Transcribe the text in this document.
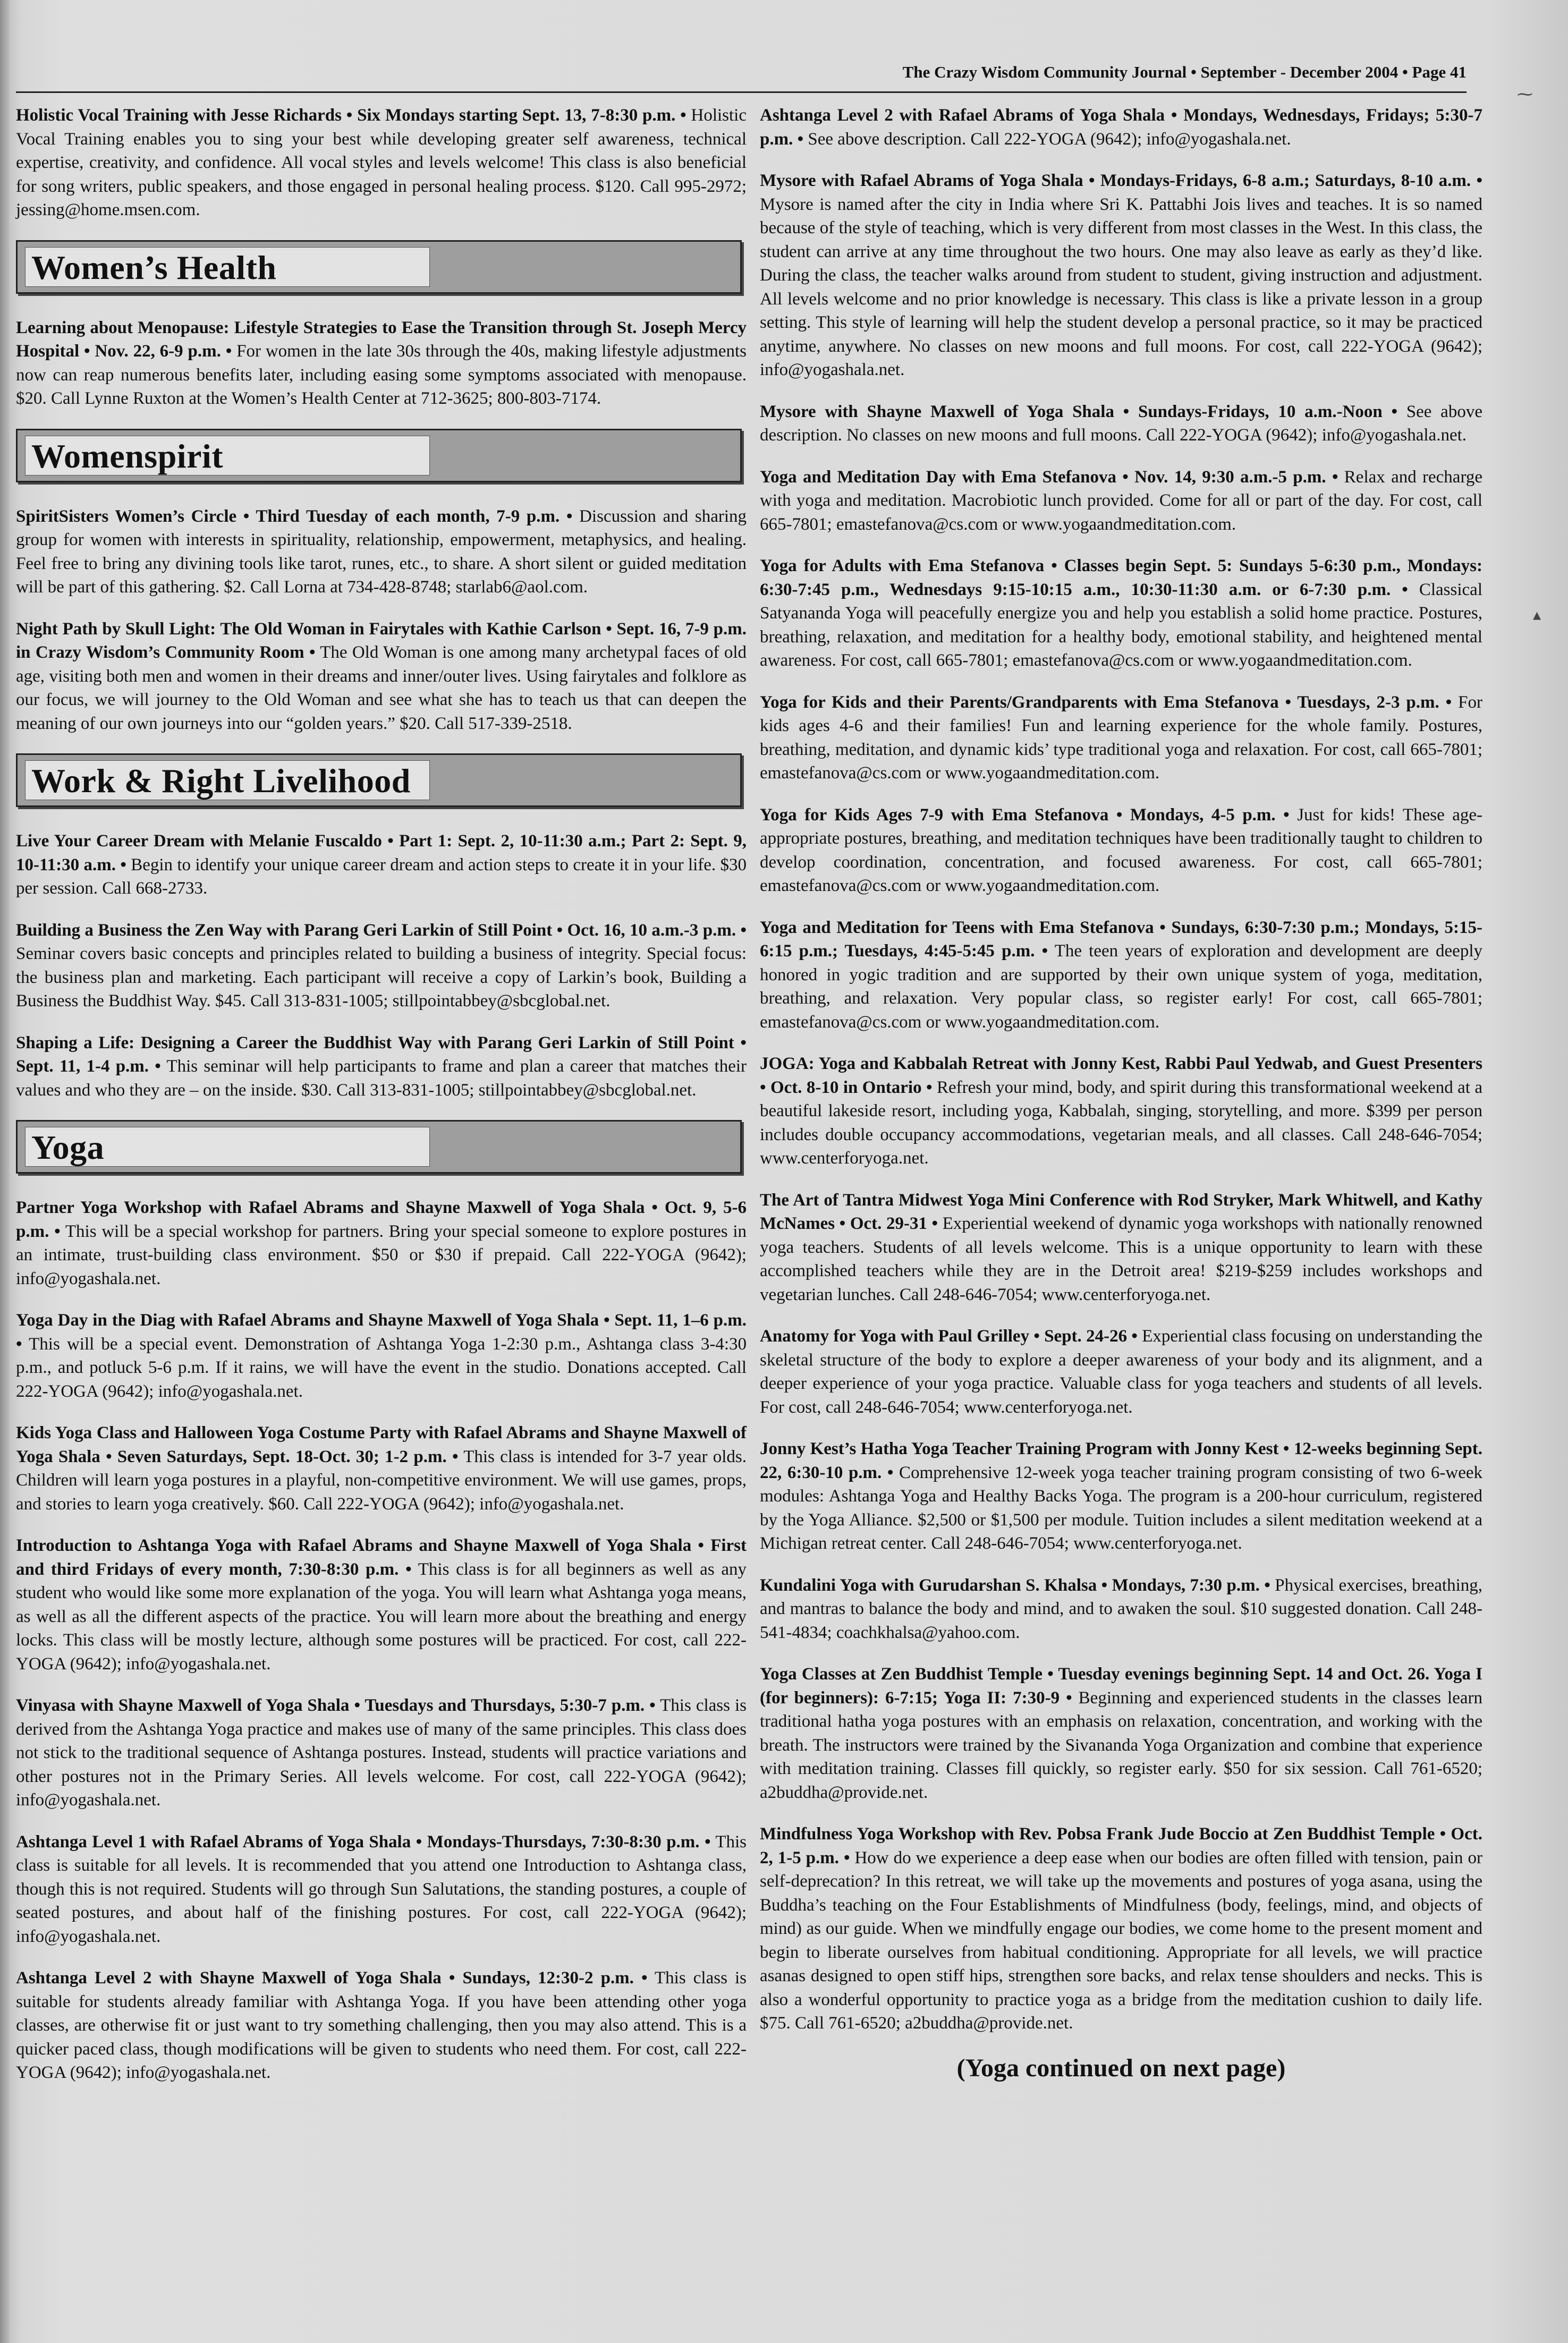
⁓
▴
The Crazy Wisdom Community Journal • September - December 2004 • Page 41

Holistic Vocal Training with Jesse Richards • Six Mondays starting Sept. 13, 7-8:30 p.m. • Holistic Vocal Training enables you to sing your best while developing greater self awareness, technical expertise, creativity, and confidence. All vocal styles and levels welcome! This class is also beneficial for song writers, public speakers, and those engaged in personal healing process. $120. Call 995-2972; jessing@home.msen.com.

Women’s Health

Learning about Menopause: Lifestyle Strategies to Ease the Transition through St. Joseph Mercy Hospital • Nov. 22, 6-9 p.m. • For women in the late 30s through the 40s, making lifestyle adjustments now can reap numerous benefits later, including easing some symptoms associated with menopause. $20. Call Lynne Ruxton at the Women’s Health Center at 712-3625; 800-803-7174.

Womenspirit

SpiritSisters Women’s Circle • Third Tuesday of each month, 7-9 p.m. • Discussion and sharing group for women with interests in spirituality, relationship, empowerment, metaphysics, and healing. Feel free to bring any divining tools like tarot, runes, etc., to share. A short silent or guided meditation will be part of this gathering. $2. Call Lorna at 734-428-8748; starlab6@aol.com.

Night Path by Skull Light: The Old Woman in Fairytales with Kathie Carlson • Sept. 16, 7-9 p.m. in Crazy Wisdom’s Community Room • The Old Woman is one among many archetypal faces of old age, visiting both men and women in their dreams and inner/outer lives. Using fairytales and folklore as our focus, we will journey to the Old Woman and see what she has to teach us that can deepen the meaning of our own journeys into our “golden years.” $20. Call 517-339-2518.

Work & Right Livelihood

Live Your Career Dream with Melanie Fuscaldo • Part 1: Sept. 2, 10-11:30 a.m.; Part 2: Sept. 9, 10-11:30 a.m. • Begin to identify your unique career dream and action steps to create it in your life. $30 per session. Call 668-2733.

Building a Business the Zen Way with Parang Geri Larkin of Still Point • Oct. 16, 10 a.m.-3 p.m. • Seminar covers basic concepts and principles related to building a business of integrity. Special focus: the business plan and marketing. Each participant will receive a copy of Larkin’s book, Building a Business the Buddhist Way. $45. Call 313-831-1005; stillpointabbey@sbcglobal.net.

Shaping a Life: Designing a Career the Buddhist Way with Parang Geri Larkin of Still Point • Sept. 11, 1-4 p.m. • This seminar will help participants to frame and plan a career that matches their values and who they are – on the inside. $30. Call 313-831-1005; stillpointabbey@sbcglobal.net.

Yoga

Partner Yoga Workshop with Rafael Abrams and Shayne Maxwell of Yoga Shala • Oct. 9, 5-6 p.m. • This will be a special workshop for partners. Bring your special someone to explore postures in an intimate, trust-building class environment. $50 or $30 if prepaid. Call 222-YOGA (9642); info@yogashala.net.

Yoga Day in the Diag with Rafael Abrams and Shayne Maxwell of Yoga Shala • Sept. 11, 1–6 p.m. • This will be a special event. Demonstration of Ashtanga Yoga 1-2:30 p.m., Ashtanga class 3-4:30 p.m., and potluck 5-6 p.m. If it rains, we will have the event in the studio. Donations accepted. Call 222-YOGA (9642); info@yogashala.net.

Kids Yoga Class and Halloween Yoga Costume Party with Rafael Abrams and Shayne Maxwell of Yoga Shala • Seven Saturdays, Sept. 18-Oct. 30; 1-2 p.m. • This class is intended for 3-7 year olds. Children will learn yoga postures in a playful, non-competitive environment. We will use games, props, and stories to learn yoga creatively. $60. Call 222-YOGA (9642); info@yogashala.net.

Introduction to Ashtanga Yoga with Rafael Abrams and Shayne Maxwell of Yoga Shala • First and third Fridays of every month, 7:30-8:30 p.m. • This class is for all beginners as well as any student who would like some more explanation of the yoga. You will learn what Ashtanga yoga means, as well as all the different aspects of the practice. You will learn more about the breathing and energy locks. This class will be mostly lecture, although some postures will be practiced. For cost, call 222-YOGA (9642); info@yogashala.net.

Vinyasa with Shayne Maxwell of Yoga Shala • Tuesdays and Thursdays, 5:30-7 p.m. • This class is derived from the Ashtanga Yoga practice and makes use of many of the same principles. This class does not stick to the traditional sequence of Ashtanga postures. Instead, students will practice variations and other postures not in the Primary Series. All levels welcome. For cost, call 222-YOGA (9642); info@yogashala.net.

Ashtanga Level 1 with Rafael Abrams of Yoga Shala • Mondays-Thursdays, 7:30-8:30 p.m. • This class is suitable for all levels. It is recommended that you attend one Introduction to Ashtanga class, though this is not required. Students will go through Sun Salutations, the standing postures, a couple of seated postures, and about half of the finishing postures. For cost, call 222-YOGA (9642); info@yogashala.net.

Ashtanga Level 2 with Shayne Maxwell of Yoga Shala • Sundays, 12:30-2 p.m. • This class is suitable for students already familiar with Ashtanga Yoga. If you have been attending other yoga classes, are otherwise fit or just want to try something challenging, then you may also attend. This is a quicker paced class, though modifications will be given to students who need them. For cost, call 222-YOGA (9642); info@yogashala.net.

Ashtanga Level 2 with Rafael Abrams of Yoga Shala • Mondays, Wednesdays, Fridays; 5:30-7 p.m. • See above description. Call 222-YOGA (9642); info@yogashala.net.

Mysore with Rafael Abrams of Yoga Shala • Mondays-Fridays, 6-8 a.m.; Saturdays, 8-10 a.m. • Mysore is named after the city in India where Sri K. Pattabhi Jois lives and teaches. It is so named because of the style of teaching, which is very different from most classes in the West. In this class, the student can arrive at any time throughout the two hours. One may also leave as early as they’d like. During the class, the teacher walks around from student to student, giving instruction and adjustment. All levels welcome and no prior knowledge is necessary. This class is like a private lesson in a group setting. This style of learning will help the student develop a personal practice, so it may be practiced anytime, anywhere. No classes on new moons and full moons. For cost, call 222-YOGA (9642); info@yogashala.net.

Mysore with Shayne Maxwell of Yoga Shala • Sundays-Fridays, 10 a.m.-Noon • See above description. No classes on new moons and full moons. Call 222-YOGA (9642); info@yogashala.net.

Yoga and Meditation Day with Ema Stefanova • Nov. 14, 9:30 a.m.-5 p.m. • Relax and recharge with yoga and meditation. Macrobiotic lunch provided. Come for all or part of the day. For cost, call 665-7801; emastefanova@cs.com or www.yogaandmeditation.com.

Yoga for Adults with Ema Stefanova • Classes begin Sept. 5: Sundays 5-6:30 p.m., Mondays: 6:30-7:45 p.m., Wednesdays 9:15-10:15 a.m., 10:30-11:30 a.m. or 6-7:30 p.m. • Classical Satyananda Yoga will peacefully energize you and help you establish a solid home practice. Postures, breathing, relaxation, and meditation for a healthy body, emotional stability, and heightened mental awareness. For cost, call 665-7801; emastefanova@cs.com or www.yogaandmeditation.com.

Yoga for Kids and their Parents/Grandparents with Ema Stefanova • Tuesdays, 2-3 p.m. • For kids ages 4-6 and their families! Fun and learning experience for the whole family. Postures, breathing, meditation, and dynamic kids’ type traditional yoga and relaxation. For cost, call 665-7801; emastefanova@cs.com or www.yogaandmeditation.com.

Yoga for Kids Ages 7-9 with Ema Stefanova • Mondays, 4-5 p.m. • Just for kids! These age-appropriate postures, breathing, and meditation techniques have been traditionally taught to children to develop coordination, concentration, and focused awareness. For cost, call 665-7801; emastefanova@cs.com or www.yogaandmeditation.com.

Yoga and Meditation for Teens with Ema Stefanova • Sundays, 6:30-7:30 p.m.; Mondays, 5:15-6:15 p.m.; Tuesdays, 4:45-5:45 p.m. • The teen years of exploration and development are deeply honored in yogic tradition and are supported by their own unique system of yoga, meditation, breathing, and relaxation. Very popular class, so register early! For cost, call 665-7801; emastefanova@cs.com or www.yogaandmeditation.com.

JOGA: Yoga and Kabbalah Retreat with Jonny Kest, Rabbi Paul Yedwab, and Guest Presenters • Oct. 8-10 in Ontario • Refresh your mind, body, and spirit during this transformational weekend at a beautiful lakeside resort, including yoga, Kabbalah, singing, storytelling, and more. $399 per person includes double occupancy accommodations, vegetarian meals, and all classes. Call 248-646-7054; www.centerforyoga.net.

The Art of Tantra Midwest Yoga Mini Conference with Rod Stryker, Mark Whitwell, and Kathy McNames • Oct. 29-31 • Experiential weekend of dynamic yoga workshops with nationally renowned yoga teachers. Students of all levels welcome. This is a unique opportunity to learn with these accomplished teachers while they are in the Detroit area! $219-$259 includes workshops and vegetarian lunches. Call 248-646-7054; www.centerforyoga.net.

Anatomy for Yoga with Paul Grilley • Sept. 24-26 • Experiential class focusing on understanding the skeletal structure of the body to explore a deeper awareness of your body and its alignment, and a deeper experience of your yoga practice. Valuable class for yoga teachers and students of all levels. For cost, call 248-646-7054; www.centerforyoga.net.

Jonny Kest’s Hatha Yoga Teacher Training Program with Jonny Kest • 12-weeks beginning Sept. 22, 6:30-10 p.m. • Comprehensive 12-week yoga teacher training program consisting of two 6-week modules: Ashtanga Yoga and Healthy Backs Yoga. The program is a 200-hour curriculum, registered by the Yoga Alliance. $2,500 or $1,500 per module. Tuition includes a silent meditation weekend at a Michigan retreat center. Call 248-646-7054; www.centerforyoga.net.

Kundalini Yoga with Gurudarshan S. Khalsa • Mondays, 7:30 p.m. • Physical exercises, breathing, and mantras to balance the body and mind, and to awaken the soul. $10 suggested donation. Call 248-541-4834; coachkhalsa@yahoo.com.

Yoga Classes at Zen Buddhist Temple • Tuesday evenings beginning Sept. 14 and Oct. 26. Yoga I (for beginners): 6-7:15; Yoga II: 7:30-9 • Beginning and experienced students in the classes learn traditional hatha yoga postures with an emphasis on relaxation, concentration, and working with the breath. The instructors were trained by the Sivananda Yoga Organization and combine that experience with meditation training. Classes fill quickly, so register early. $50 for six session. Call 761-6520; a2buddha@provide.net.

Mindfulness Yoga Workshop with Rev. Pobsa Frank Jude Boccio at Zen Buddhist Temple • Oct. 2, 1-5 p.m. • How do we experience a deep ease when our bodies are often filled with tension, pain or self-deprecation? In this retreat, we will take up the movements and postures of yoga asana, using the Buddha’s teaching on the Four Establishments of Mindfulness (body, feelings, mind, and objects of mind) as our guide. When we mindfully engage our bodies, we come home to the present moment and begin to liberate ourselves from habitual conditioning. Appropriate for all levels, we will practice asanas designed to open stiff hips, strengthen sore backs, and relax tense shoulders and necks. This is also a wonderful opportunity to practice yoga as a bridge from the meditation cushion to daily life. $75. Call 761-6520; a2buddha@provide.net.

(Yoga continued on next page)
